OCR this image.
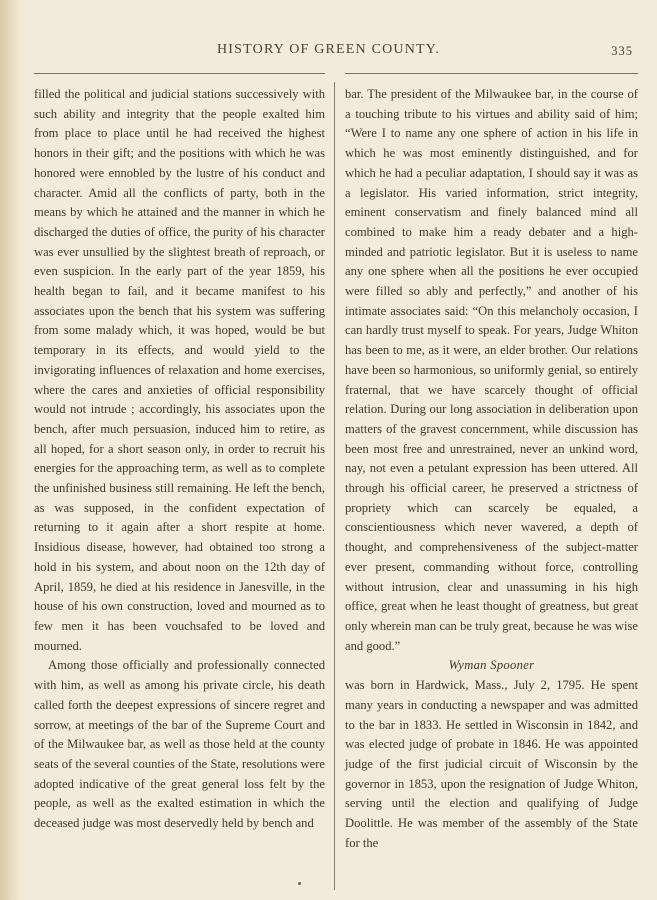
HISTORY OF GREEN COUNTY.	335

filled the political and judicial stations successively with such ability and integrity that the people exalted him from place to place until he had received the highest honors in their gift; and the positions with which he was honored were ennobled by the lustre of his conduct and character. Amid all the conflicts of party, both in the means by which he attained and the manner in which he discharged the duties of office, the purity of his character was ever unsullied by the slightest breath of reproach, or even suspicion. In the early part of the year 1859, his health began to fail, and it became manifest to his associates upon the bench that his system was suffering from some malady which, it was hoped, would be but temporary in its effects, and would yield to the invigorating influences of relaxation and home exercises, where the cares and anxieties of official responsibility would not intrude ; accordingly, his associates upon the bench, after much persuasion, induced him to retire, as all hoped, for a short season only, in order to recruit his energies for the approaching term, as well as to complete the unfinished business still remaining. He left the bench, as was supposed, in the confident expectation of returning to it again after a short respite at home. Insidious disease, however, had obtained too strong a hold in his system, and about noon on the 12th day of April, 1859, he died at his residence in Janesville, in the house of his own construction, loved and mourned as to few men it has been vouchsafed to be loved and mourned.

Among those officially and professionally connected with him, as well as among his private circle, his death called forth the deepest expressions of sincere regret and sorrow, at meetings of the bar of the Supreme Court and of the Milwaukee bar, as well as those held at the county seats of the several counties of the State, resolutions were adopted indicative of the great general loss felt by the people, as well as the exalted estimation in which the deceased judge was most deservedly held by bench and

bar. The president of the Milwaukee bar, in the course of a touching tribute to his virtues and ability said of him; “Were I to name any one sphere of action in his life in which he was most eminently distinguished, and for which he had a peculiar adaptation, I should say it was as a legislator. His varied information, strict integrity, eminent conservatism and finely balanced mind all combined to make him a ready debater and a high-minded and patriotic legislator. But it is useless to name any one sphere when all the positions he ever occupied were filled so ably and perfectly,” and another of his intimate associates said: “On this melancholy occasion, I can hardly trust myself to speak. For years, Judge Whiton has been to me, as it were, an elder brother. Our relations have been so harmonious, so uniformly genial, so entirely fraternal, that we have scarcely thought of official relation. During our long association in deliberation upon matters of the gravest concernment, while discussion has been most free and unrestrained, never an unkind word, nay, not even a petulant expression has been uttered. All through his official career, he preserved a strictness of propriety which can scarcely be equaled, a conscientiousness which never wavered, a depth of thought, and comprehensiveness of the subject-matter ever present, commanding without force, controlling without intrusion, clear and unassuming in his high office, great when he least thought of greatness, but great only wherein man can be truly great, because he was wise and good.”

Wyman Spooner

was born in Hardwick, Mass., July 2, 1795. He spent many years in conducting a newspaper and was admitted to the bar in 1833. He settled in Wisconsin in 1842, and was elected judge of probate in 1846. He was appointed judge of the first judicial circuit of Wisconsin by the governor in 1853, upon the resignation of Judge Whiton, serving until the election and qualifying of Judge Doolittle. He was member of the assembly of the State for the
